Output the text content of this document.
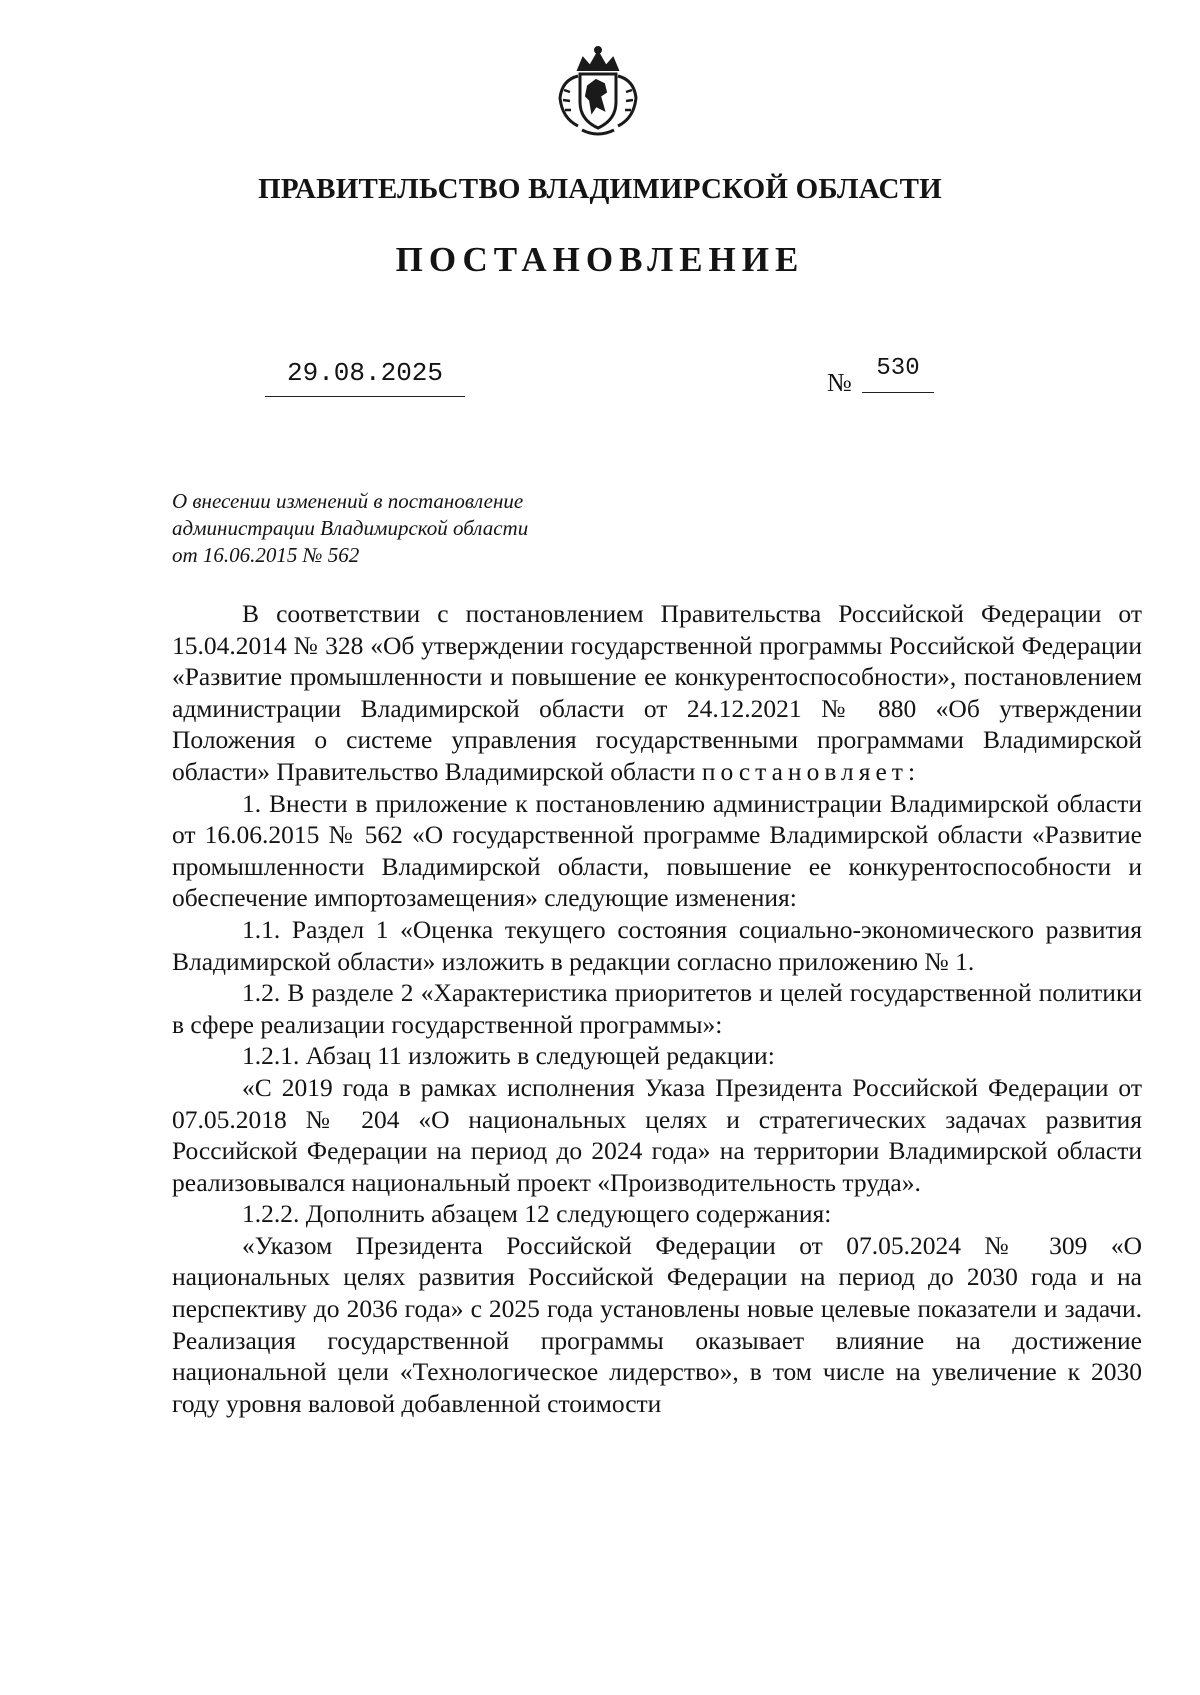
ПРАВИТЕЛЬСТВО ВЛАДИМИРСКОЙ ОБЛАСТИ
ПОСТАНОВЛЕНИЕ
29.08.2025	№	530
О внесении изменений в постановление
администрации Владимирской области
от 16.06.2015 № 562

В соответствии с постановлением Правительства Российской Федерации от 15.04.2014 № 328 «Об утверждении государственной программы Российской Федерации «Развитие промышленности и повышение ее конкурентоспособности», постановлением администрации Владимирской области от 24.12.2021 № 880 «Об утверждении Положения о системе управления государственными программами Владимирской области» Правительство Владимирской области постановляет:

1. Внести в приложение к постановлению администрации Владимирской области от 16.06.2015 № 562 «О государственной программе Владимирской области «Развитие промышленности Владимирской области, повышение ее конкурентоспособности и обеспечение импортозамещения» следующие изменения:

1.1. Раздел 1 «Оценка текущего состояния социально-экономического развития Владимирской области» изложить в редакции согласно приложению № 1.

1.2. В разделе 2 «Характеристика приоритетов и целей государственной политики в сфере реализации государственной программы»:

1.2.1. Абзац 11 изложить в следующей редакции:

«С 2019 года в рамках исполнения Указа Президента Российской Федерации от 07.05.2018 № 204 «О национальных целях и стратегических задачах развития Российской Федерации на период до 2024 года» на территории Владимирской области реализовывался национальный проект «Производительность труда».

1.2.2. Дополнить абзацем 12 следующего содержания:

«Указом Президента Российской Федерации от 07.05.2024 № 309 «О национальных целях развития Российской Федерации на период до 2030 года и на перспективу до 2036 года» с 2025 года установлены новые целевые показатели и задачи. Реализация государственной программы оказывает влияние на достижение национальной цели «Технологическое лидерство», в том числе на увеличение к 2030 году уровня валовой добавленной стоимости
